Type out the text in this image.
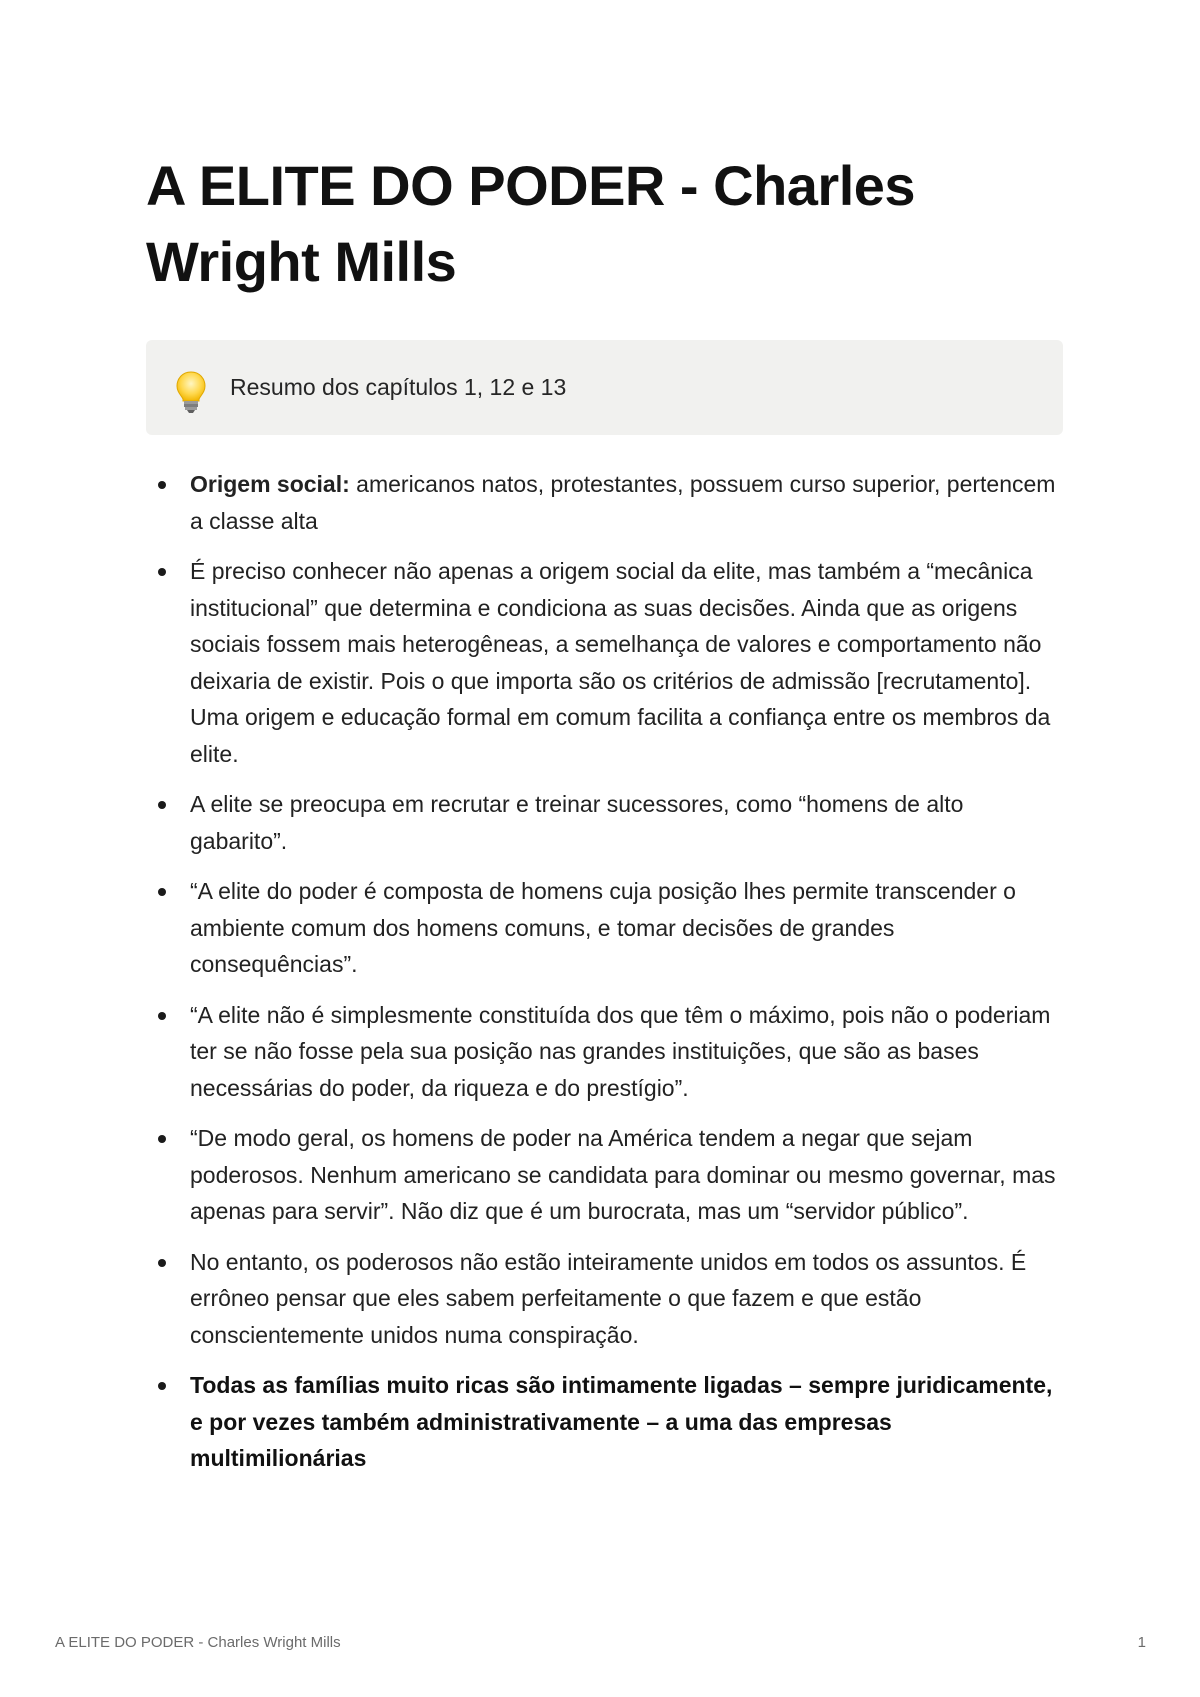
A ELITE DO PODER - Charles Wright Mills
Resumo dos capítulos 1, 12 e 13
Origem social: americanos natos, protestantes, possuem curso superior, pertencem a classe alta
É preciso conhecer não apenas a origem social da elite, mas também a “mecânica institucional” que determina e condiciona as suas decisões. Ainda que as origens sociais fossem mais heterogêneas, a semelhança de valores e comportamento não deixaria de existir. Pois o que importa são os critérios de admissão [recrutamento]. Uma origem e educação formal em comum facilita a confiança entre os membros da elite.
A elite se preocupa em recrutar e treinar sucessores, como “homens de alto gabarito”.
“A elite do poder é composta de homens cuja posição lhes permite transcender o ambiente comum dos homens comuns, e tomar decisões de grandes consequências”.
“A elite não é simplesmente constituída dos que têm o máximo, pois não o poderiam ter se não fosse pela sua posição nas grandes instituições, que são as bases necessárias do poder, da riqueza e do prestígio”.
“De modo geral, os homens de poder na América tendem a negar que sejam poderosos. Nenhum americano se candidata para dominar ou mesmo governar, mas apenas para servir”. Não diz que é um burocrata, mas um “servidor público”.
No entanto, os poderosos não estão inteiramente unidos em todos os assuntos. É errôneo pensar que eles sabem perfeitamente o que fazem e que estão conscientemente unidos numa conspiração.
Todas as famílias muito ricas são intimamente ligadas – sempre juridicamente, e por vezes também administrativamente – a uma das empresas multimilionárias
A ELITE DO PODER - Charles Wright Mills	1
